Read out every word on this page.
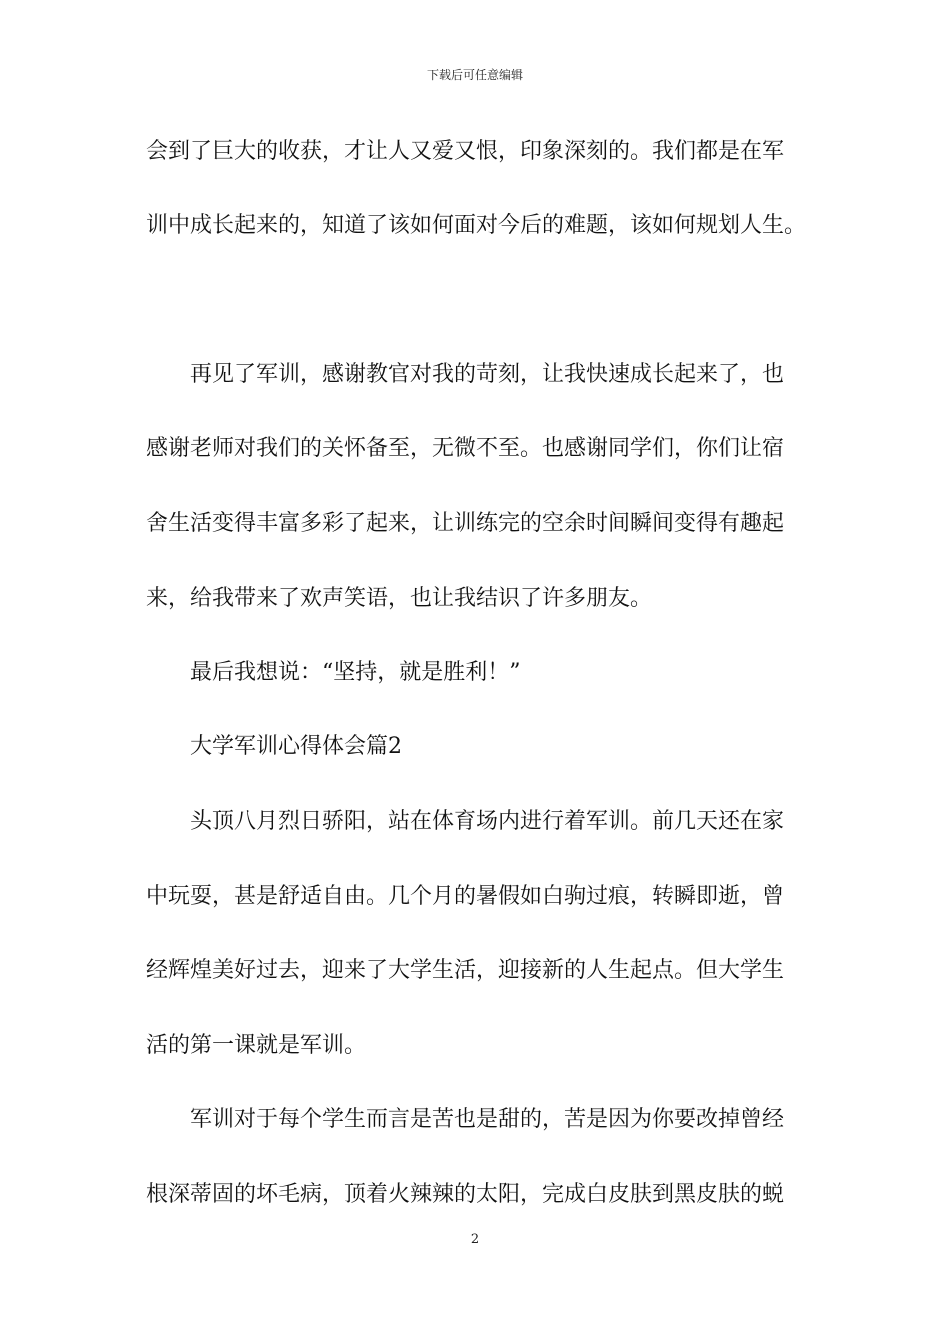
下载后可任意编辑
会到了巨大的收获，才让人又爱又恨，印象深刻的。我们都是在军
训中成长起来的，知道了该如何面对今后的难题，该如何规划人生。
再见了军训，感谢教官对我的苛刻，让我快速成长起来了，也
感谢老师对我们的关怀备至，无微不至。也感谢同学们，你们让宿
舍生活变得丰富多彩了起来，让训练完的空余时间瞬间变得有趣起
来，给我带来了欢声笑语，也让我结识了许多朋友。
最后我想说：“坚持，就是胜利！”
大学军训心得体会篇2
头顶八月烈日骄阳，站在体育场内进行着军训。前几天还在家
中玩耍，甚是舒适自由。几个月的暑假如白驹过痕，转瞬即逝，曾
经辉煌美好过去，迎来了大学生活，迎接新的人生起点。但大学生
活的第一课就是军训。
军训对于每个学生而言是苦也是甜的，苦是因为你要改掉曾经
根深蒂固的坏毛病，顶着火辣辣的太阳，完成白皮肤到黑皮肤的蜕
2
